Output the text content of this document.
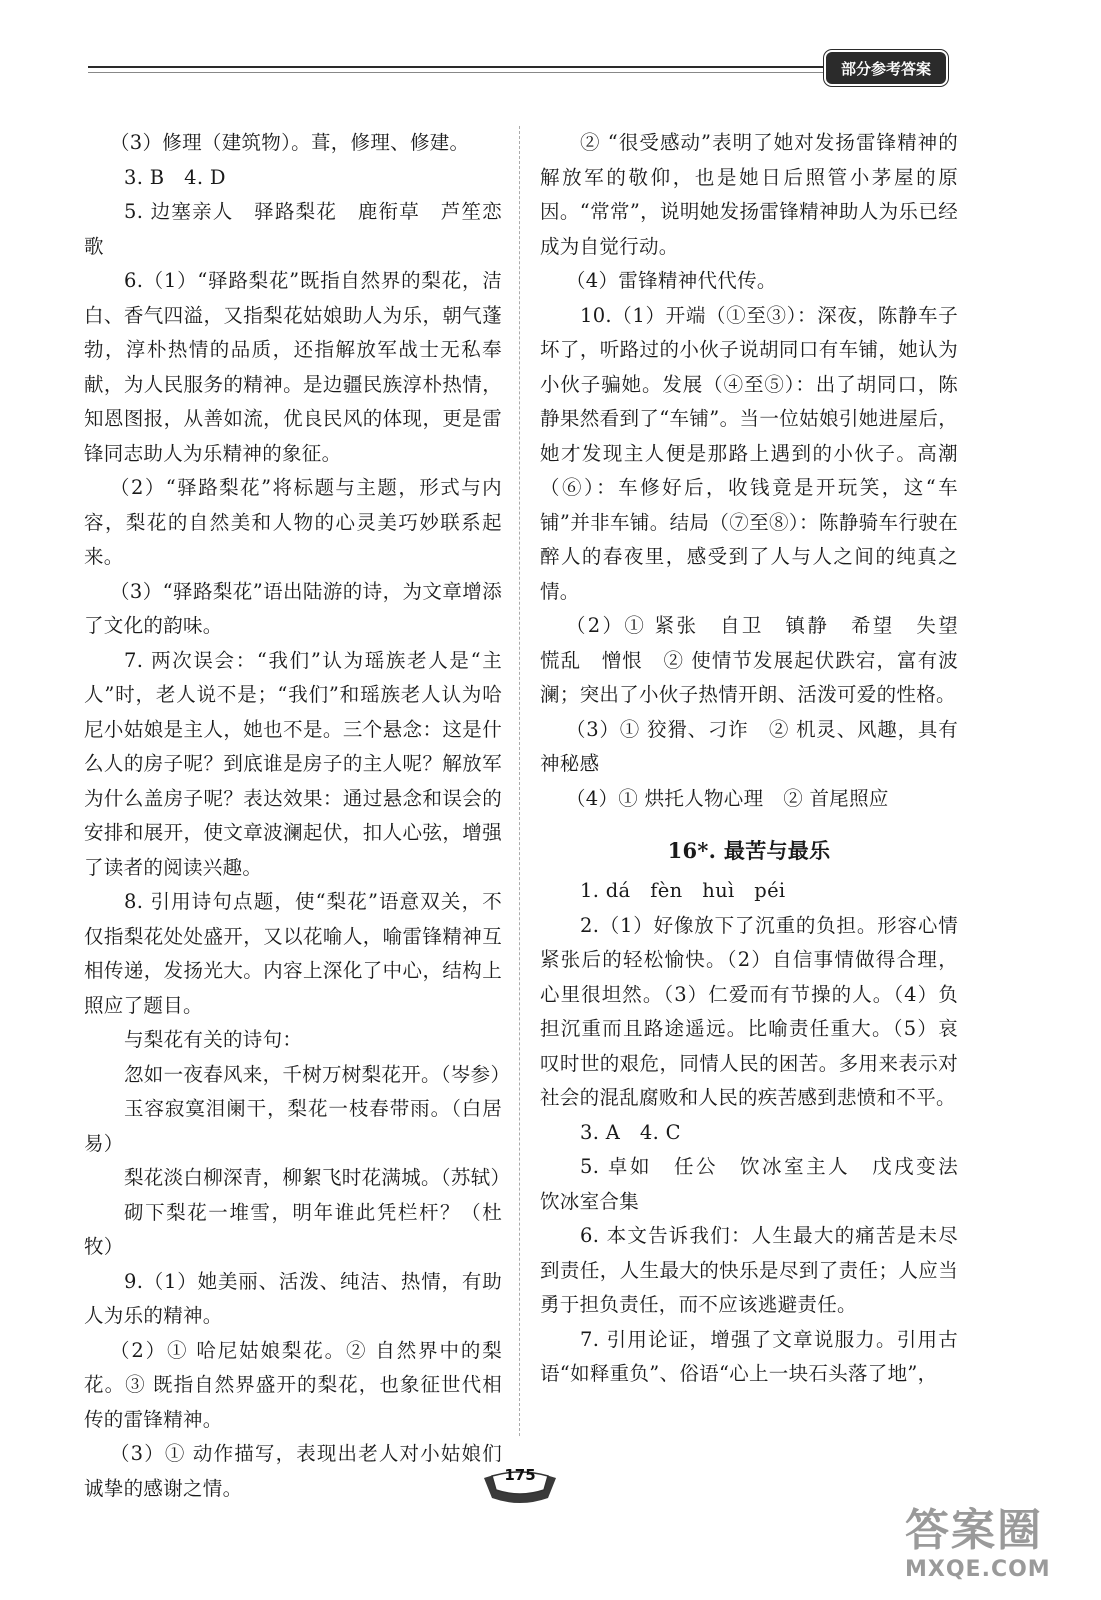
部分参考答案

（3）修理（建筑物）。葺，修理、修建。

3. B　4. D

5. 边塞亲人　驿路梨花　鹿衔草　芦笙恋歌

6.（1）“驿路梨花”既指自然界的梨花，洁白、香气四溢，又指梨花姑娘助人为乐，朝气蓬勃，淳朴热情的品质，还指解放军战士无私奉献，为人民服务的精神。是边疆民族淳朴热情，知恩图报，从善如流，优良民风的体现，更是雷锋同志助人为乐精神的象征。

（2）“驿路梨花”将标题与主题，形式与内容，梨花的自然美和人物的心灵美巧妙联系起来。

（3）“驿路梨花”语出陆游的诗，为文章增添了文化的韵味。

7. 两次误会：“我们”认为瑶族老人是“主人”时，老人说不是；“我们”和瑶族老人认为哈尼小姑娘是主人，她也不是。三个悬念：这是什么人的房子呢？到底谁是房子的主人呢？解放军为什么盖房子呢？表达效果：通过悬念和误会的安排和展开，使文章波澜起伏，扣人心弦，增强了读者的阅读兴趣。

8. 引用诗句点题，使“梨花”语意双关，不仅指梨花处处盛开，又以花喻人，喻雷锋精神互相传递，发扬光大。内容上深化了中心，结构上照应了题目。

与梨花有关的诗句：

忽如一夜春风来，千树万树梨花开。（岑参）

玉容寂寞泪阑干，梨花一枝春带雨。（白居易）

梨花淡白柳深青，柳絮飞时花满城。（苏轼）

砌下梨花一堆雪，明年谁此凭栏杆？（杜牧）

9.（1）她美丽、活泼、纯洁、热情，有助人为乐的精神。

（2）① 哈尼姑娘梨花。② 自然界中的梨花。③ 既指自然界盛开的梨花，也象征世代相传的雷锋精神。

（3）① 动作描写，表现出老人对小姑娘们诚挚的感谢之情。

② “很受感动”表明了她对发扬雷锋精神的解放军的敬仰，也是她日后照管小茅屋的原因。“常常”，说明她发扬雷锋精神助人为乐已经成为自觉行动。

（4）雷锋精神代代传。

10.（1）开端（①至③）：深夜，陈静车子坏了，听路过的小伙子说胡同口有车铺，她认为小伙子骗她。发展（④至⑤）：出了胡同口，陈静果然看到了“车铺”。当一位姑娘引她进屋后，她才发现主人便是那路上遇到的小伙子。高潮（⑥）：车修好后，收钱竟是开玩笑，这“车铺”并非车铺。结局（⑦至⑧）：陈静骑车行驶在醉人的春夜里，感受到了人与人之间的纯真之情。

（2）① 紧张　自卫　镇静　希望　失望　慌乱　憎恨　② 使情节发展起伏跌宕，富有波澜；突出了小伙子热情开朗、活泼可爱的性格。

（3）① 狡猾、刁诈　② 机灵、风趣，具有神秘感

（4）① 烘托人物心理　② 首尾照应

16*. 最苦与最乐

1. dá　fèn　huì　péi

2.（1）好像放下了沉重的负担。形容心情紧张后的轻松愉快。（2）自信事情做得合理，心里很坦然。（3）仁爱而有节操的人。（4）负担沉重而且路途遥远。比喻责任重大。（5）哀叹时世的艰危，同情人民的困苦。多用来表示对社会的混乱腐败和人民的疾苦感到悲愤和不平。

3. A　4. C

5. 卓如　任公　饮冰室主人　戊戌变法　饮冰室合集

6. 本文告诉我们：人生最大的痛苦是未尽到责任，人生最大的快乐是尽到了责任；人应当勇于担负责任，而不应该逃避责任。

7. 引用论证，增强了文章说服力。引用古语“如释重负”、俗语“心上一块石头落了地”，

175
答案圈
MXQE.COM
